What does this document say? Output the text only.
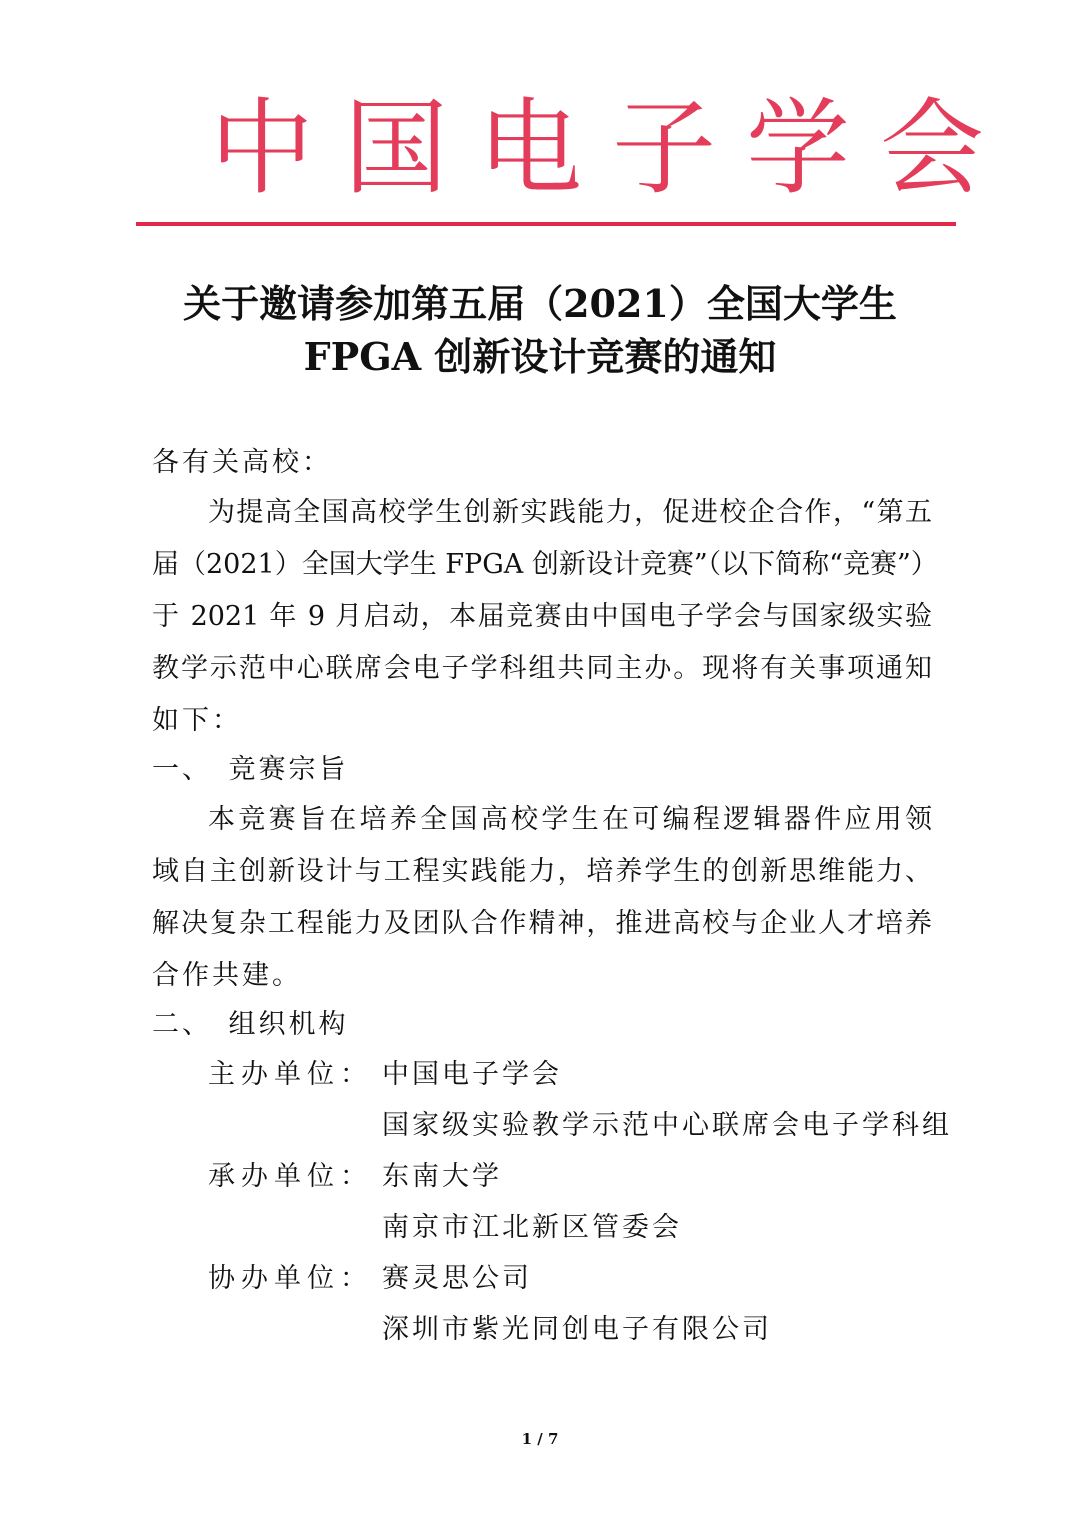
中国电子学会
关于邀请参加第五届（2021）全国大学生
FPGA 创新设计竞赛的通知
各有关高校：
为提高全国高校学生创新实践能力，促进校企合作，“第五
届（2021）全国大学生 FPGA 创新设计竞赛”（以下简称“竞赛”）
于 2021 年 9 月启动，本届竞赛由中国电子学会与国家级实验
教学示范中心联席会电子学科组共同主办。现将有关事项通知
如下：
一、　竞赛宗旨
本竞赛旨在培养全国高校学生在可编程逻辑器件应用领
域自主创新设计与工程实践能力，培养学生的创新思维能力、
解决复杂工程能力及团队合作精神，推进高校与企业人才培养
合作共建。
二、　组织机构
主办单位： 中国电子学会
国家级实验教学示范中心联席会电子学科组
承办单位： 东南大学
南京市江北新区管委会
协办单位： 赛灵思公司
深圳市紫光同创电子有限公司
1 / 7
